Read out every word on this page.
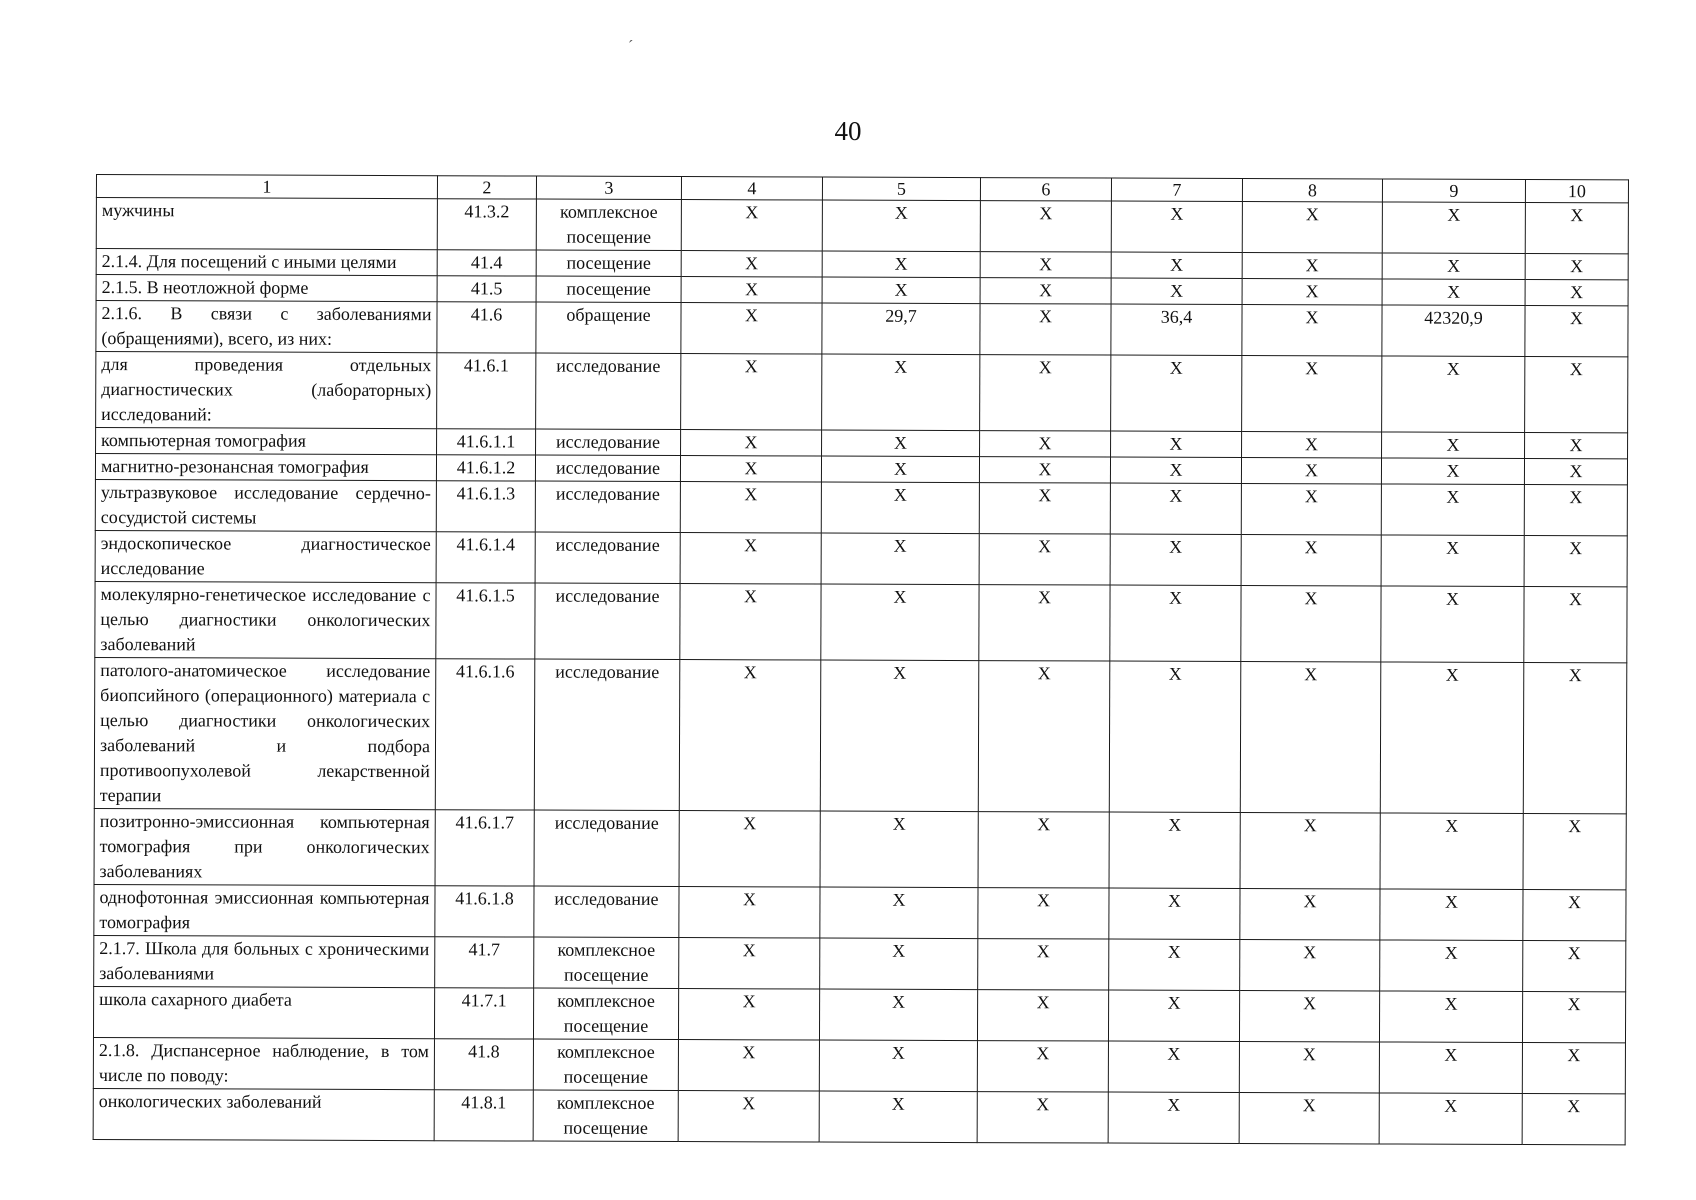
ˊ
40
1	2	3	4	5	6	7	8	9	10
мужчины	41.3.2	комплексное посещение	X	X	X	X	X	X	X
2.1.4. Для посещений с иными целями	41.4	посещение	X	X	X	X	X	X	X
2.1.5. В неотложной форме	41.5	посещение	X	X	X	X	X	X	X
2.1.6. В связи с заболеваниями (обращениями), всего, из них:	41.6	обращение	X	29,7	X	36,4	X	42320,9	X
для проведения отдельных диагностических (лабораторных) исследований:	41.6.1	исследование	X	X	X	X	X	X	X
компьютерная томография	41.6.1.1	исследование	X	X	X	X	X	X	X
магнитно-резонансная томография	41.6.1.2	исследование	X	X	X	X	X	X	X
ультразвуковое исследование сердечно-сосудистой системы	41.6.1.3	исследование	X	X	X	X	X	X	X
эндоскопическое диагностическое исследование	41.6.1.4	исследование	X	X	X	X	X	X	X
молекулярно-генетическое исследование с целью диагностики онкологических заболеваний	41.6.1.5	исследование	X	X	X	X	X	X	X
патолого-анатомическое исследование биопсийного (операционного) материала с целью диагностики онкологических заболеваний и подбора противоопухолевой лекарственной терапии	41.6.1.6	исследование	X	X	X	X	X	X	X
позитронно-эмиссионная компьютерная томография при онкологических заболеваниях	41.6.1.7	исследование	X	X	X	X	X	X	X
однофотонная эмиссионная компьютерная томография	41.6.1.8	исследование	X	X	X	X	X	X	X
2.1.7. Школа для больных с хроническими заболеваниями	41.7	комплексное посещение	X	X	X	X	X	X	X
школа сахарного диабета	41.7.1	комплексное посещение	X	X	X	X	X	X	X
2.1.8. Диспансерное наблюдение, в том числе по поводу:	41.8	комплексное посещение	X	X	X	X	X	X	X
онкологических заболеваний	41.8.1	комплексное посещение	X	X	X	X	X	X	X
